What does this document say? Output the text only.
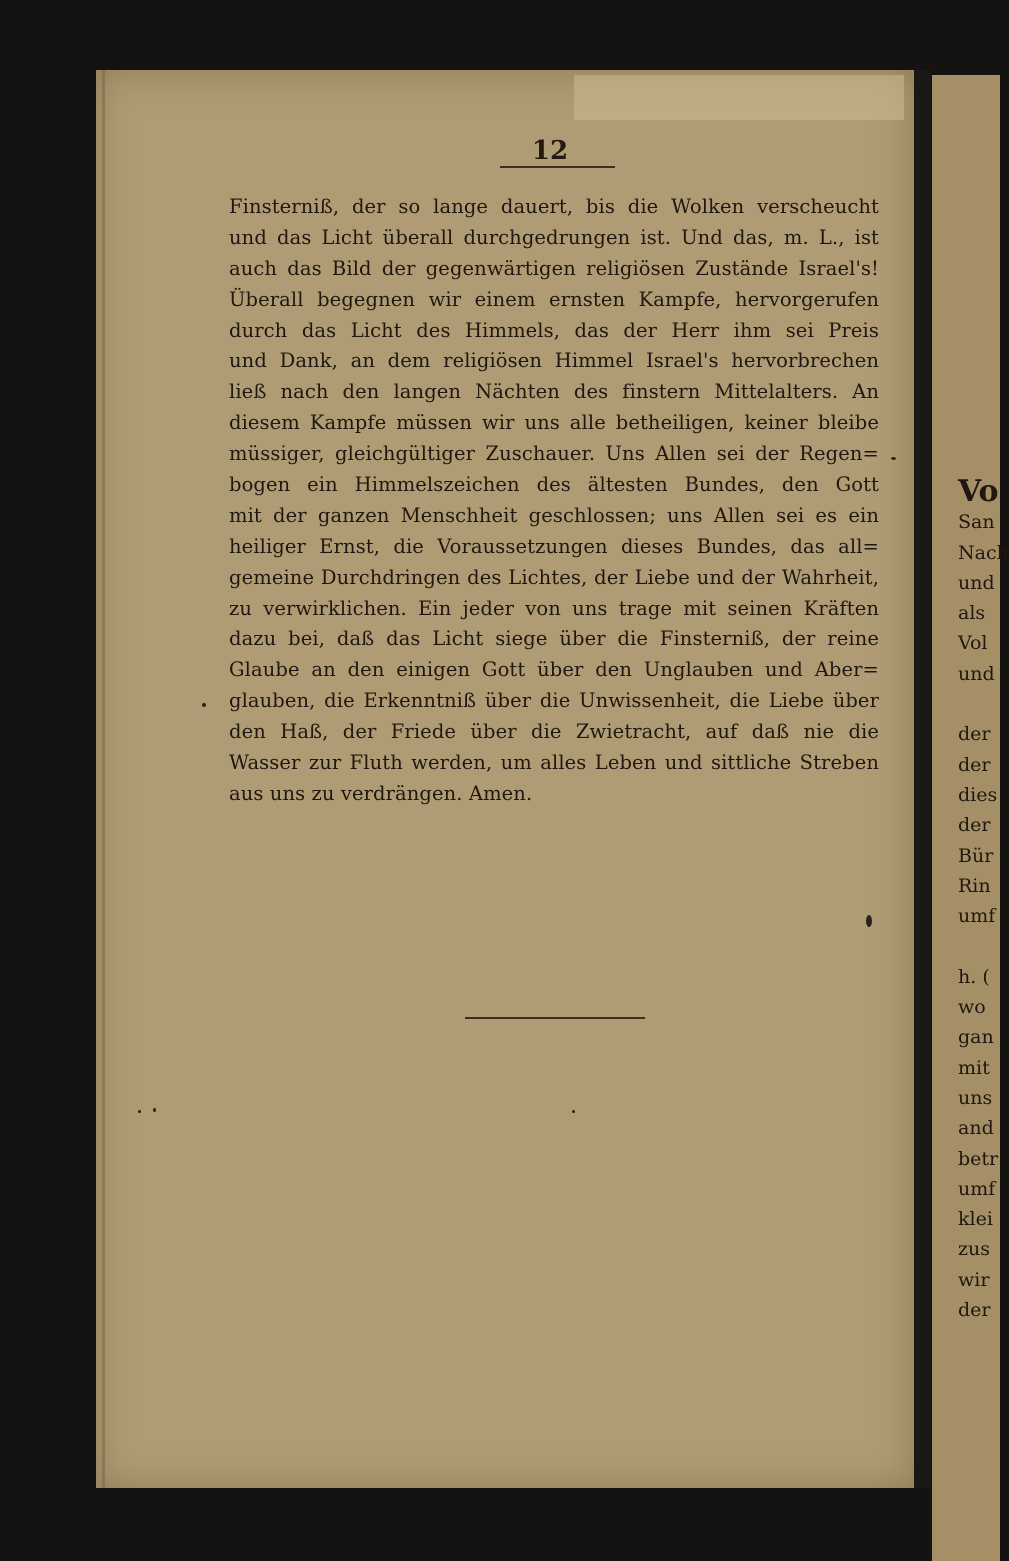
Vo
San
Nach
und
als
Vol
und
der
der
dies
der
Bür
Rin
umf
h. (
wo
gan
mit
uns
and
betr
umf
klei
zus
wir
der
12
Finsterniß, der so lange dauert, bis die Wolken verscheucht
und das Licht überall durchgedrungen ist. Und das, m. L., ist
auch das Bild der gegenwärtigen religiösen Zustände Israel's!
Überall begegnen wir einem ernsten Kampfe, hervorgerufen
durch das Licht des Himmels, das der Herr ihm sei Preis
und Dank, an dem religiösen Himmel Israel's hervorbrechen
ließ nach den langen Nächten des finstern Mittelalters. An
diesem Kampfe müssen wir uns alle betheiligen, keiner bleibe
müssiger, gleichgültiger Zuschauer. Uns Allen sei der Regen=
bogen ein Himmelszeichen des ältesten Bundes, den Gott
mit der ganzen Menschheit geschlossen; uns Allen sei es ein
heiliger Ernst, die Voraussetzungen dieses Bundes, das all=
gemeine Durchdringen des Lichtes, der Liebe und der Wahrheit,
zu verwirklichen. Ein jeder von uns trage mit seinen Kräften
dazu bei, daß das Licht siege über die Finsterniß, der reine
Glaube an den einigen Gott über den Unglauben und Aber=
glauben, die Erkenntniß über die Unwissenheit, die Liebe über
den Haß, der Friede über die Zwietracht, auf daß nie die
Wasser zur Fluth werden, um alles Leben und sittliche Streben
aus uns zu verdrängen. Amen.
